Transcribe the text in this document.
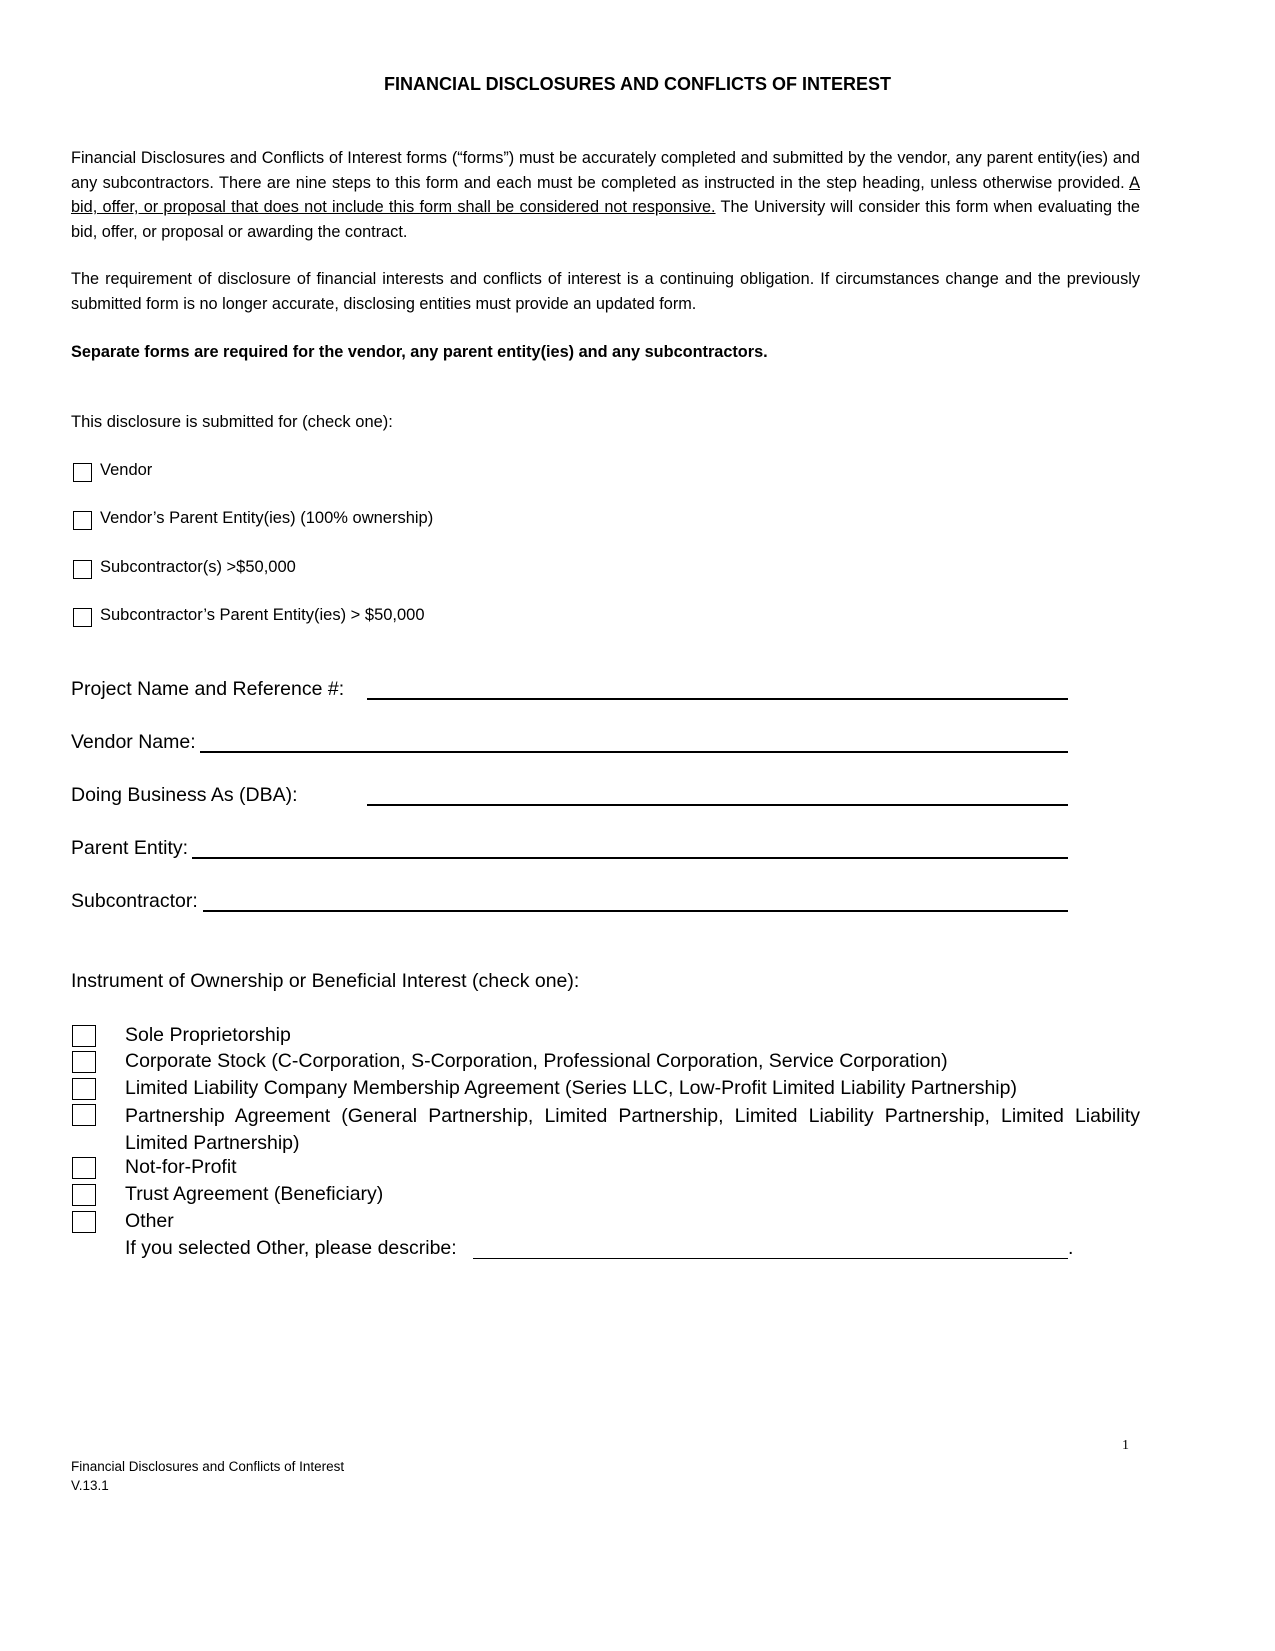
FINANCIAL DISCLOSURES AND CONFLICTS OF INTEREST
Financial Disclosures and Conflicts of Interest forms (“forms”) must be accurately completed and submitted by the vendor, any parent entity(ies) and any subcontractors. There are nine steps to this form and each must be completed as instructed in the step heading, unless otherwise provided. A bid, offer, or proposal that does not include this form shall be considered not responsive. The University will consider this form when evaluating the bid, offer, or proposal or awarding the contract.
The requirement of disclosure of financial interests and conflicts of interest is a continuing obligation. If circumstances change and the previously submitted form is no longer accurate, disclosing entities must provide an updated form.
Separate forms are required for the vendor, any parent entity(ies) and any subcontractors.
This disclosure is submitted for (check one):
Vendor
Vendor’s Parent Entity(ies) (100% ownership)
Subcontractor(s) >$50,000
Subcontractor’s Parent Entity(ies) > $50,000
Project Name and Reference #:
Vendor Name:
Doing Business As (DBA):
Parent Entity:
Subcontractor:
Instrument of Ownership or Beneficial Interest (check one):
Sole Proprietorship
Corporate Stock (C-Corporation, S-Corporation, Professional Corporation, Service Corporation)
Limited Liability Company Membership Agreement (Series LLC, Low-Profit Limited Liability Partnership)
Partnership Agreement (General Partnership, Limited Partnership, Limited Liability Partnership, Limited Liability Limited Partnership)
Not-for-Profit
Trust Agreement (Beneficiary)
Other
If you selected Other, please describe:	.
1
Financial Disclosures and Conflicts of Interest
V.13.1
